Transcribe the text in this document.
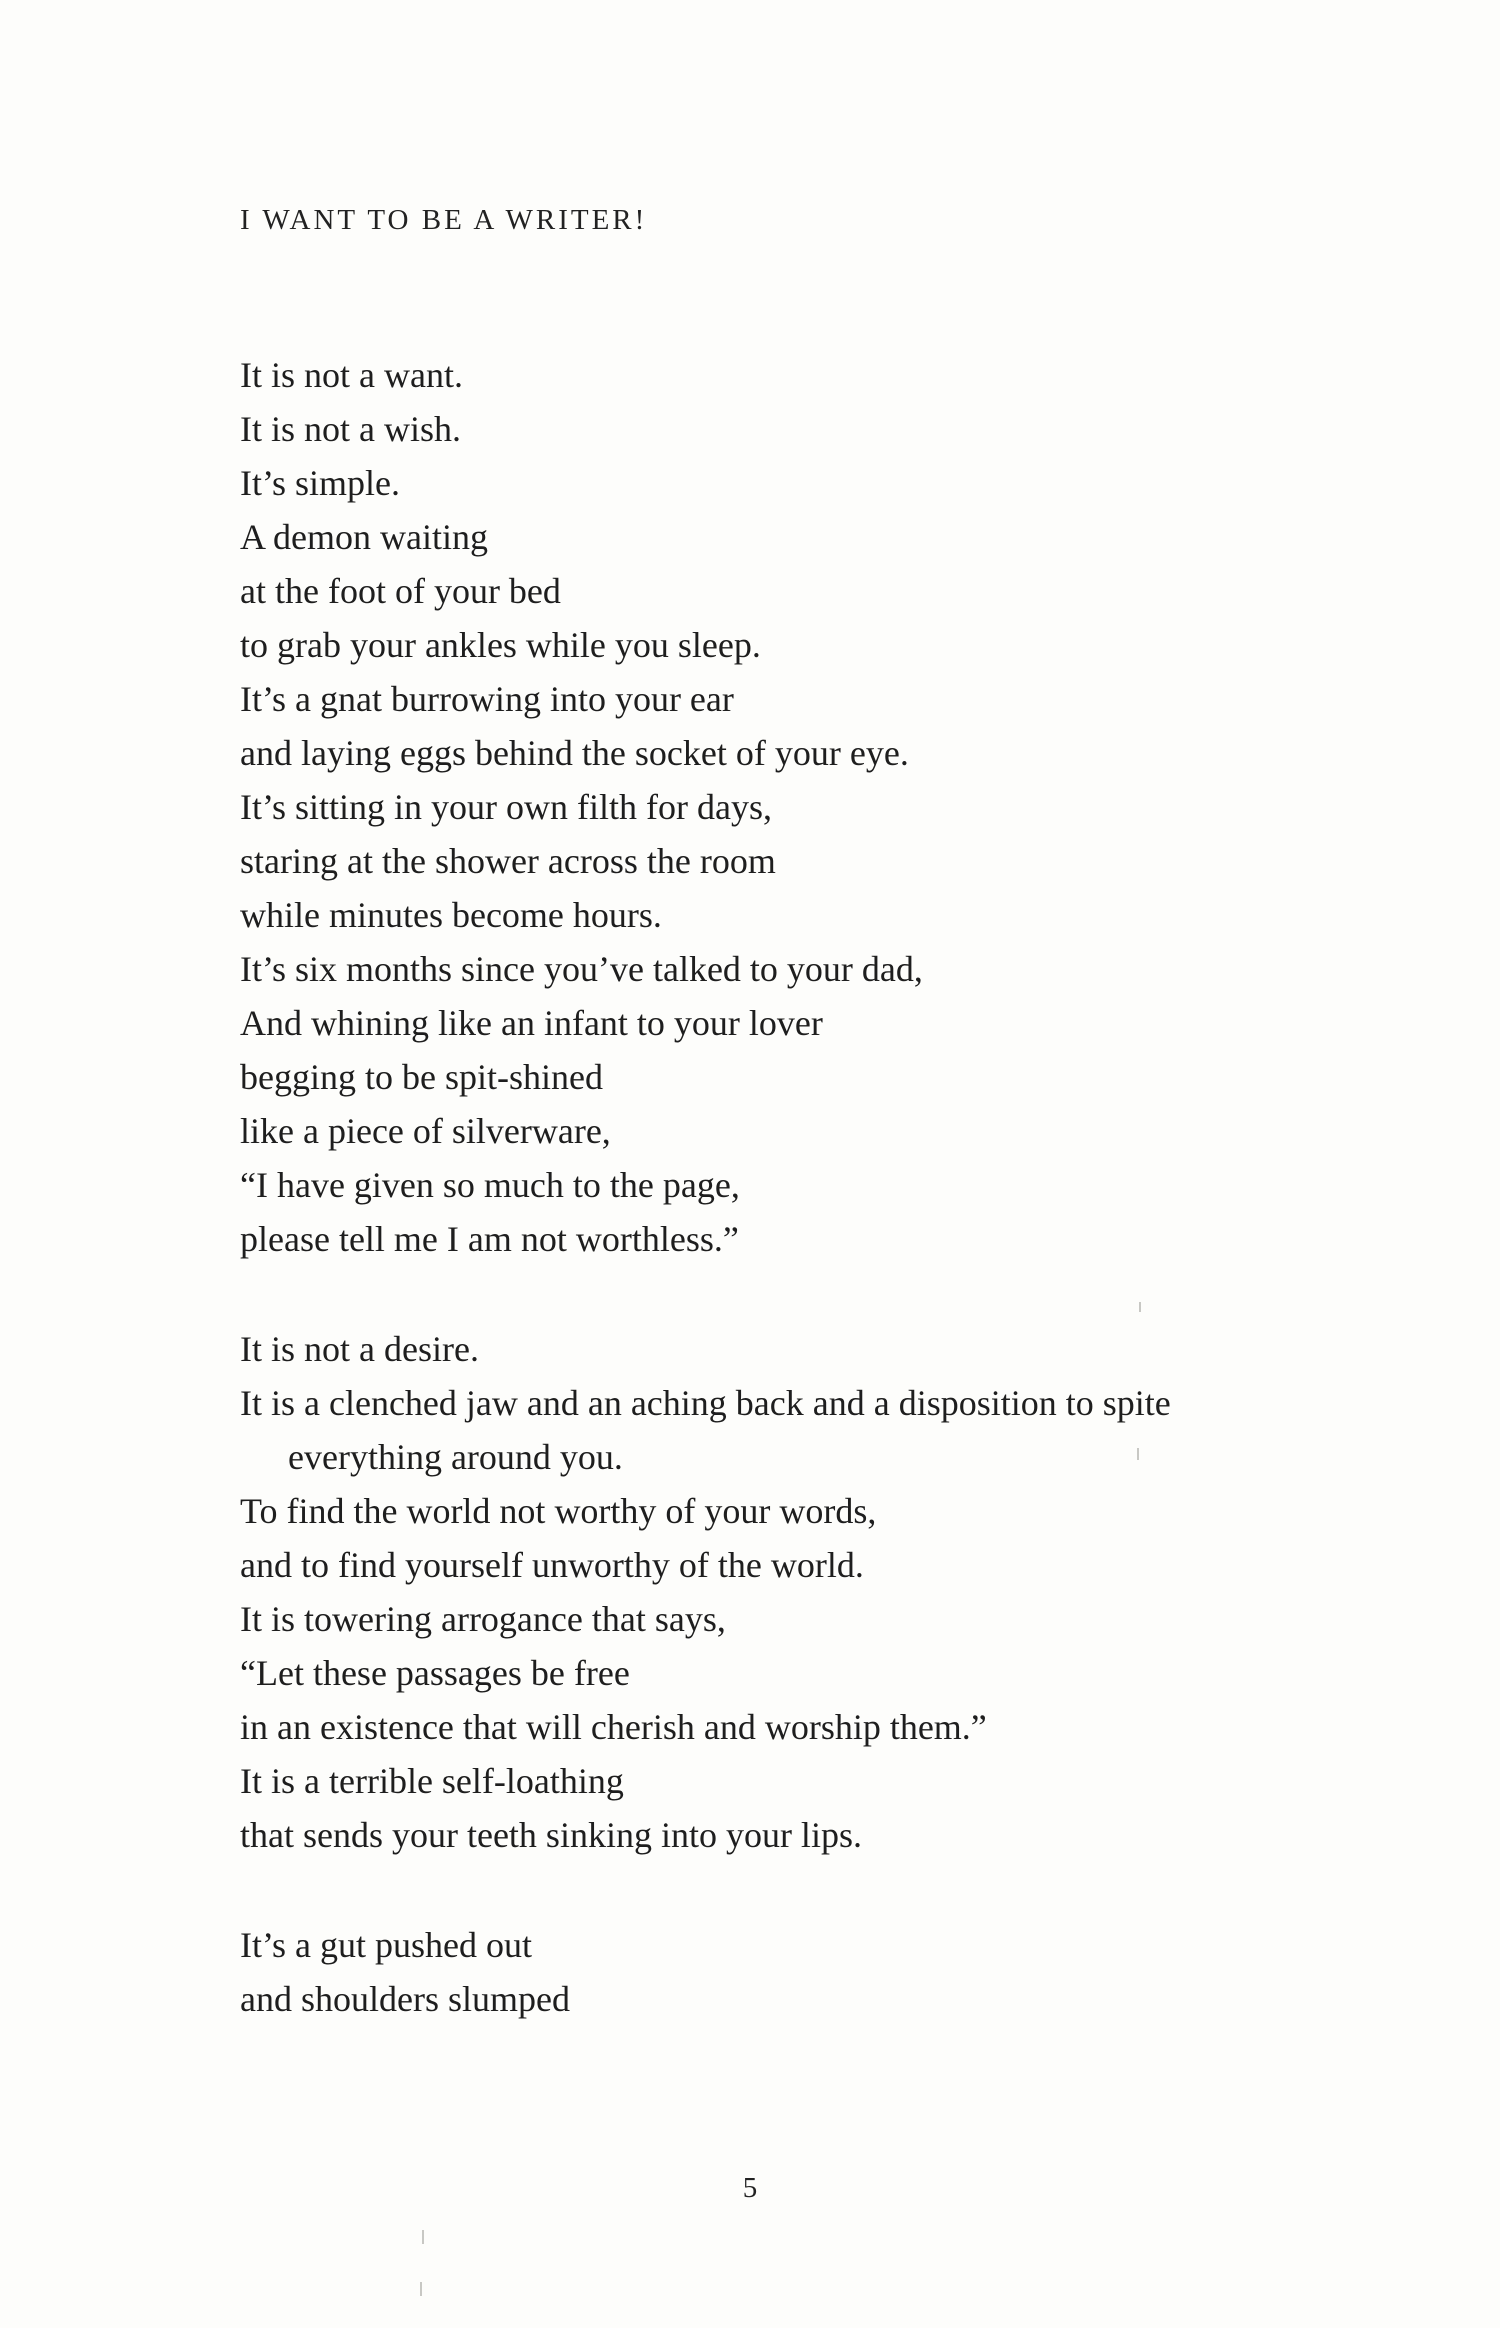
I WANT TO BE A WRITER!
It is not a want.
It is not a wish.
It’s simple.
A demon waiting
at the foot of your bed
to grab your ankles while you sleep.
It’s a gnat burrowing into your ear
and laying eggs behind the socket of your eye.
It’s sitting in your own filth for days,
staring at the shower across the room
while minutes become hours.
It’s six months since you’ve talked to your dad,
And whining like an infant to your lover
begging to be spit-shined
like a piece of silverware,
“I have given so much to the page,
please tell me I am not worthless.”
It is not a desire.
It is a clenched jaw and an aching back and a disposition to spite
everything around you.
To find the world not worthy of your words,
and to find yourself unworthy of the world.
It is towering arrogance that says,
“Let these passages be free
in an existence that will cherish and worship them.”
It is a terrible self-loathing
that sends your teeth sinking into your lips.
It’s a gut pushed out
and shoulders slumped
5
